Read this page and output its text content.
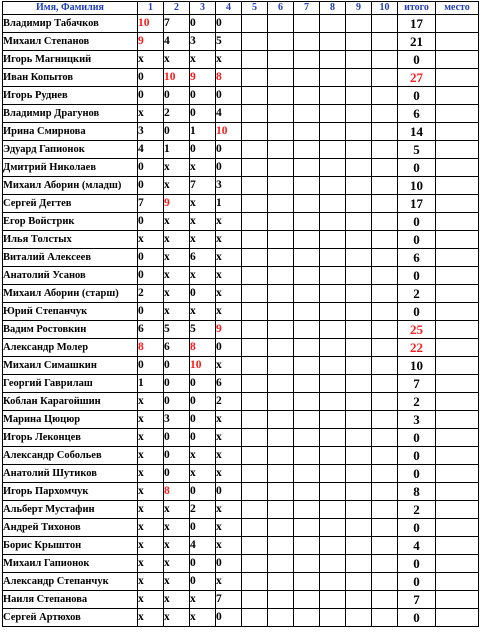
Имя, Фамилия	1	2	3	4	5	6	7	8	9	10	итого	место
Владимир Табачков	10	7	0	0							17	
Михаил Степанов	9	4	3	5							21	
Игорь Магницкий	x	x	x	x							0	
Иван Копытов	0	10	9	8							27	
Игорь Руднев	0	0	0	0							0	
Владимир Драгунов	x	2	0	4							6	
Ирина Смирнова	3	0	1	10							14	
Эдуард Гапионок	4	1	0	0							5	
Дмитрий Николаев	0	x	x	0							0	
Михаил Аборин (младш)	0	x	7	3							10	
Сергей Дегтев	7	9	x	1							17	
Егор Войстрик	0	x	x	x							0	
Илья Толстых	x	x	x	x							0	
Виталий Алексеев	0	x	6	x							6	
Анатолий Усанов	0	x	x	x							0	
Михаил Аборин (старш)	2	x	0	x							2	
Юрий Степанчук	0	x	x	x							0	
Вадим Ростовкин	6	5	5	9							25	
Александр Молер	8	6	8	0							22	
Михаил Симашкин	0	0	10	x							10	
Георгий Гаврилаш	1	0	0	6							7	
Коблан Карагойшин	x	0	0	2							2	
Марина Цюцюр	x	3	0	x							3	
Игорь Леконцев	x	0	0	x							0	
Александр Собольев	x	0	x	x							0	
Анатолий Шутиков	x	0	x	x							0	
Игорь Пархомчук	x	8	0	0							8	
Альберт Мустафин	x	x	2	x							2	
Андрей Тихонов	x	x	0	x							0	
Борис Крыштон	x	x	4	x							4	
Михаил Гапионок	x	x	0	0							0	
Александр Степанчук	x	x	0	x							0	
Наиля Степанова	x	x	x	7							7	
Сергей Артюхов	x	x	x	0							0	
